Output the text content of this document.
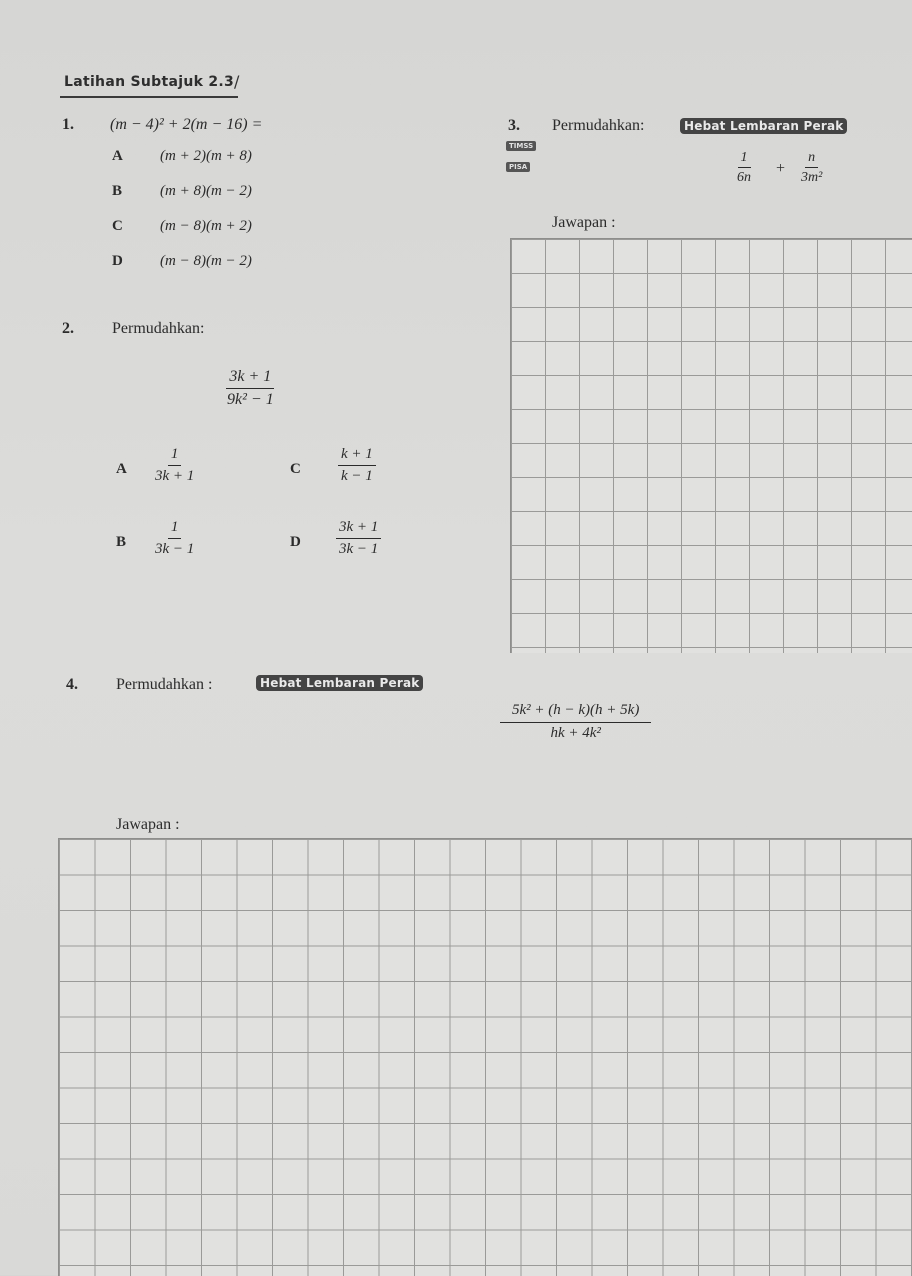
Latihan Subtajuk 2.3 /
1. (m − 4)² + 2(m − 16) =
A (m + 2)(m + 8)
B	(m + 8)(m − 2)
C (m − 8)(m + 2)
D (m − 8)(m − 2)
2. Permudahkan:
$\frac{3k + 1}{\text{9k² − 1}}$
A $\frac{1}{3k + 1}$	C $\frac{k + 1}{k - 1}$
B $\frac{1}{3k - 1}$	D $\frac{3k + 1}{3k - 1}$
3. Permudahkan:	Hebat Lembaran Perak
TIMSS
PISA	$\frac{1}{6n} + \frac{n}{\text{3m²}}$
Jawapan :
4. Permudahkan :	Hebat Lembaran Perak
$\frac{\text{5k² + (h − k)(h + 5k)}}{\text{hk + 4k²}}$
Jawapan :
